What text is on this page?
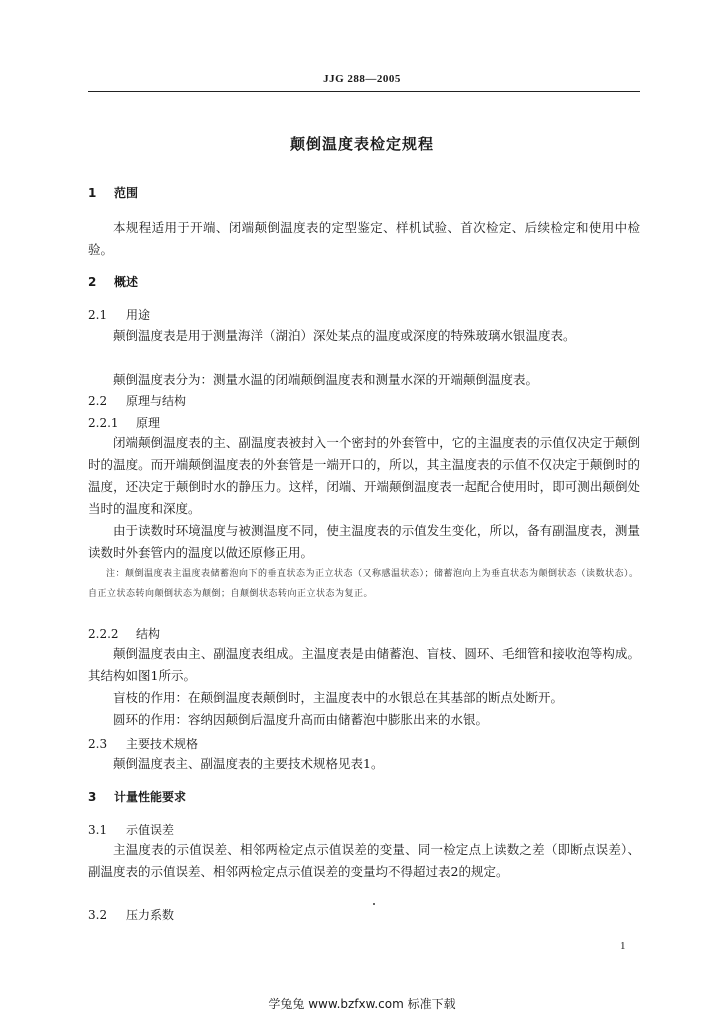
JJG 288—2005
颠倒温度表检定规程
1 范围
本规程适用于开端、闭端颠倒温度表的定型鉴定、样机试验、首次检定、后续检定和使用中检验。
2 概述
2.1 用途
颠倒温度表是用于测量海洋（湖泊）深处某点的温度或深度的特殊玻璃水银温度表。
颠倒温度表分为：测量水温的闭端颠倒温度表和测量水深的开端颠倒温度表。
2.2 原理与结构
2.2.1 原理
闭端颠倒温度表的主、副温度表被封入一个密封的外套管中，它的主温度表的示值仅决定于颠倒时的温度。而开端颠倒温度表的外套管是一端开口的，所以，其主温度表的示值不仅决定于颠倒时的温度，还决定于颠倒时水的静压力。这样，闭端、开端颠倒温度表一起配合使用时，即可测出颠倒处当时的温度和深度。
由于读数时环境温度与被测温度不同，使主温度表的示值发生变化，所以，备有副温度表，测量读数时外套管内的温度以做还原修正用。
注：颠倒温度表主温度表储蓄泡向下的垂直状态为正立状态（又称感温状态）；储蓄泡向上为垂直状态为颠倒状态（读数状态）。自正立状态转向颠倒状态为颠倒；自颠倒状态转向正立状态为复正。
2.2.2 结构
颠倒温度表由主、副温度表组成。主温度表是由储蓄泡、盲枝、圆环、毛细管和接收泡等构成。其结构如图1所示。
盲枝的作用：在颠倒温度表颠倒时，主温度表中的水银总在其基部的断点处断开。
圆环的作用：容纳因颠倒后温度升高而由储蓄泡中膨胀出来的水银。
2.3 主要技术规格
颠倒温度表主、副温度表的主要技术规格见表1。
3 计量性能要求
3.1 示值误差
主温度表的示值误差、相邻两检定点示值误差的变量、同一检定点上读数之差（即断点误差）、副温度表的示值误差、相邻两检定点示值误差的变量均不得超过表2的规定。
3.2 压力系数
1
学兔兔 www.bzfxw.com 标准下载
